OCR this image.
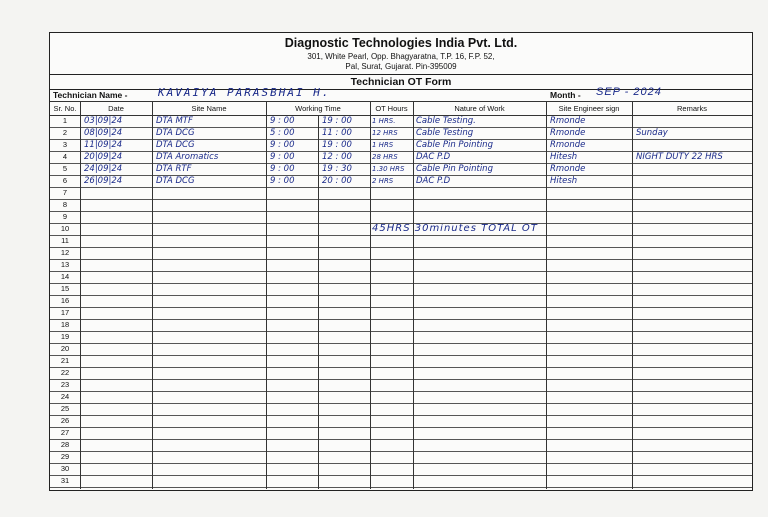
Diagnostic Technologies India Pvt. Ltd.
301, White Pearl, Opp. Bhagyaratna, T.P. 16, F.P. 52,
Pal, Surat, Gujarat. Pin-395009
Technician OT Form
Technician Name -	KAVAIYA PARASBHAI H.	Month - SEP - 2024
Sr. No.	Date	Site Name	Working Time	OT Hours	Nature of Work	Site Engineer sign	Remarks
1	03|09|24	DTA MTF	9 : 00	19 : 00	1 HRS.	Cable Testing.	Rmonde
2	08|09|24	DTA DCG	5 : 00	11 : 00	12 HRS	Cable Testing	Rmonde	Sunday
3	11|09|24	DTA DCG	9 : 00	19 : 00	1 HRS	Cable Pin Pointing	Rmonde
4	20|09|24	DTA Aromatics	9 : 00	12 : 00	28 HRS	DAC P.D	Hitesh	NIGHT DUTY 22 HRS
5	24|09|24	DTA RTF	9 : 00	19 : 30	1.30 HRS	Cable Pin Pointing	Rmonde
6	26|09|24	DTA DCG	9 : 00	20 : 00	2 HRS	DAC P.D	Hitesh
7
8
9
10
11
12
13
14
15
16
17
18
19
20
21
22
23
24
25
26
27
28
29
30
31
45HRS 30minutes TOTAL OT
